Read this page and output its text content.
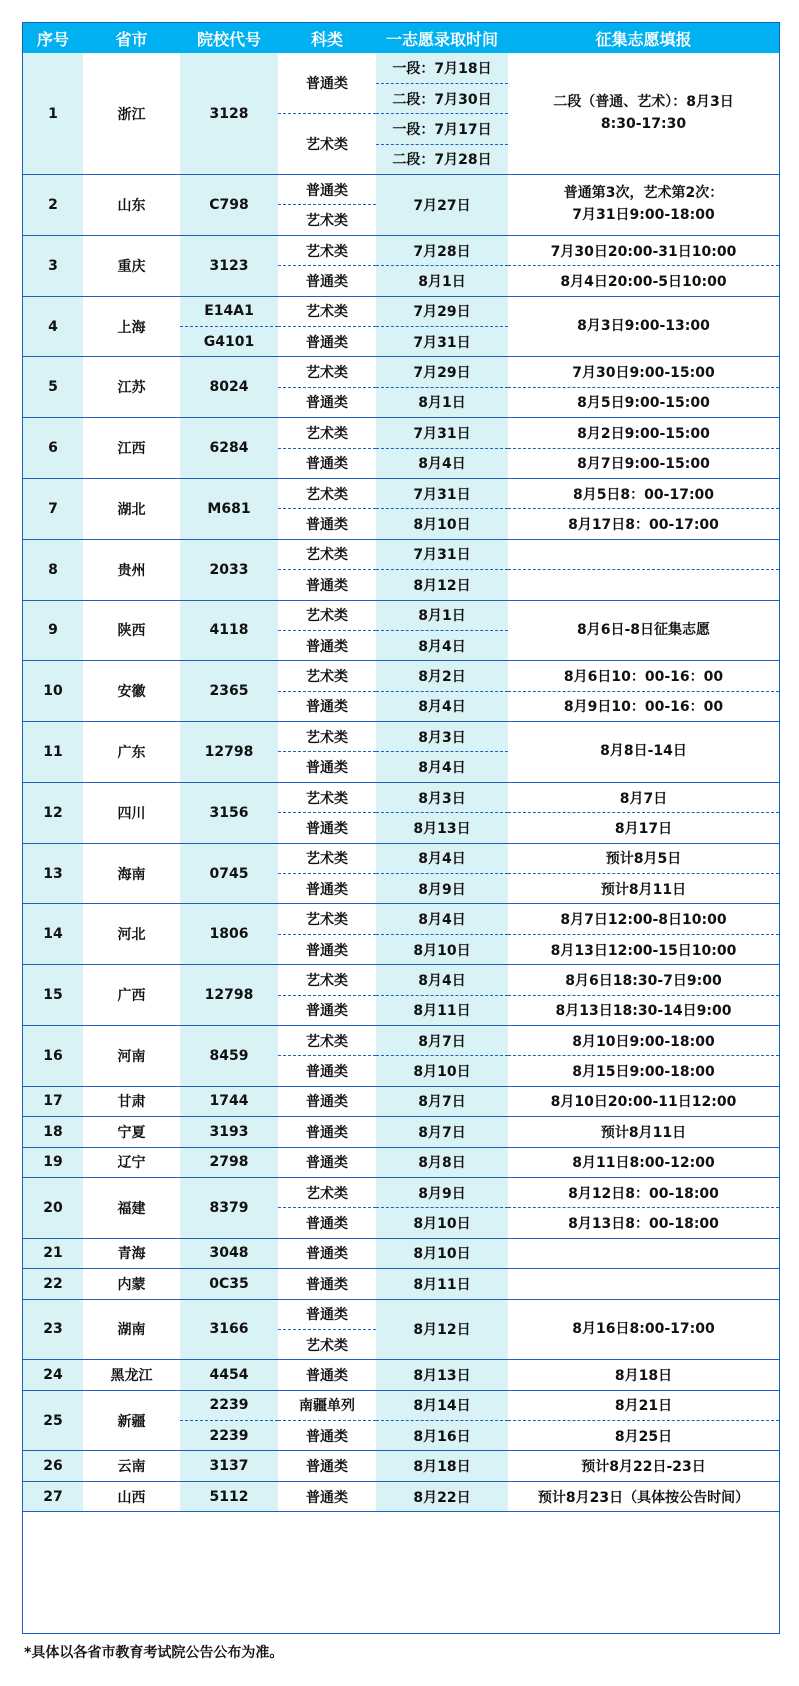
序号	省市	院校代号	科类	一志愿录取时间	征集志愿填报
1	浙江	3128	普通类	一段：7月18日	二段（普通、艺术）：8月3日
8:30-17:30

				二段：7月30日	
			艺术类	一段：7月17日	
				二段：7月28日	
2	山东	C798	普通类	7月27日	普通第3次，艺术第2次：
7月31日9:00-18:00

			艺术类		
3	重庆	3123	艺术类	7月28日	7月30日20:00-31日10:00
			普通类	8月1日	8月4日20:00-5日10:00
4	上海	E14A1	艺术类	7月29日	8月3日9:00-13:00

		G4101	普通类	7月31日	
5	江苏	8024	艺术类	7月29日	7月30日9:00-15:00
			普通类	8月1日	8月5日9:00-15:00
6	江西	6284	艺术类	7月31日	8月2日9:00-15:00
			普通类	8月4日	8月7日9:00-15:00
7	湖北	M681	艺术类	7月31日	8月5日8：00-17:00
			普通类	8月10日	8月17日8：00-17:00
8	贵州	2033	艺术类	7月31日	
			普通类	8月12日	
9	陕西	4118	艺术类	8月1日	8月6日-8日征集志愿

			普通类	8月4日	
10	安徽	2365	艺术类	8月2日	8月6日10：00-16：00
			普通类	8月4日	8月9日10：00-16：00
11	广东	12798	艺术类	8月3日	8月8日-14日

			普通类	8月4日	
12	四川	3156	艺术类	8月3日	8月7日
			普通类	8月13日	8月17日
13	海南	0745	艺术类	8月4日	预计8月5日
			普通类	8月9日	预计8月11日
14	河北	1806	艺术类	8月4日	8月7日12:00-8日10:00
			普通类	8月10日	8月13日12:00-15日10:00
15	广西	12798	艺术类	8月4日	8月6日18:30-7日9:00
			普通类	8月11日	8月13日18:30-14日9:00
16	河南	8459	艺术类	8月7日	8月10日9:00-18:00
			普通类	8月10日	8月15日9:00-18:00
17	甘肃	1744	普通类	8月7日	8月10日20:00-11日12:00
18	宁夏	3193	普通类	8月7日	预计8月11日
19	辽宁	2798	普通类	8月8日	8月11日8:00-12:00
20	福建	8379	艺术类	8月9日	8月12日8：00-18:00
			普通类	8月10日	8月13日8：00-18:00
21	青海	3048	普通类	8月10日	
22	内蒙	0C35	普通类	8月11日	
23	湖南	3166	普通类	8月12日	8月16日8:00-17:00

			艺术类		
24	黑龙江	4454	普通类	8月13日	8月18日
25	新疆	2239	南疆单列	8月14日	8月21日
		2239	普通类	8月16日	8月25日
26	云南	3137	普通类	8月18日	预计8月22日-23日
27	山西	5112	普通类	8月22日	预计8月23日（具体按公告时间）
*具体以各省市教育考试院公告公布为准。
